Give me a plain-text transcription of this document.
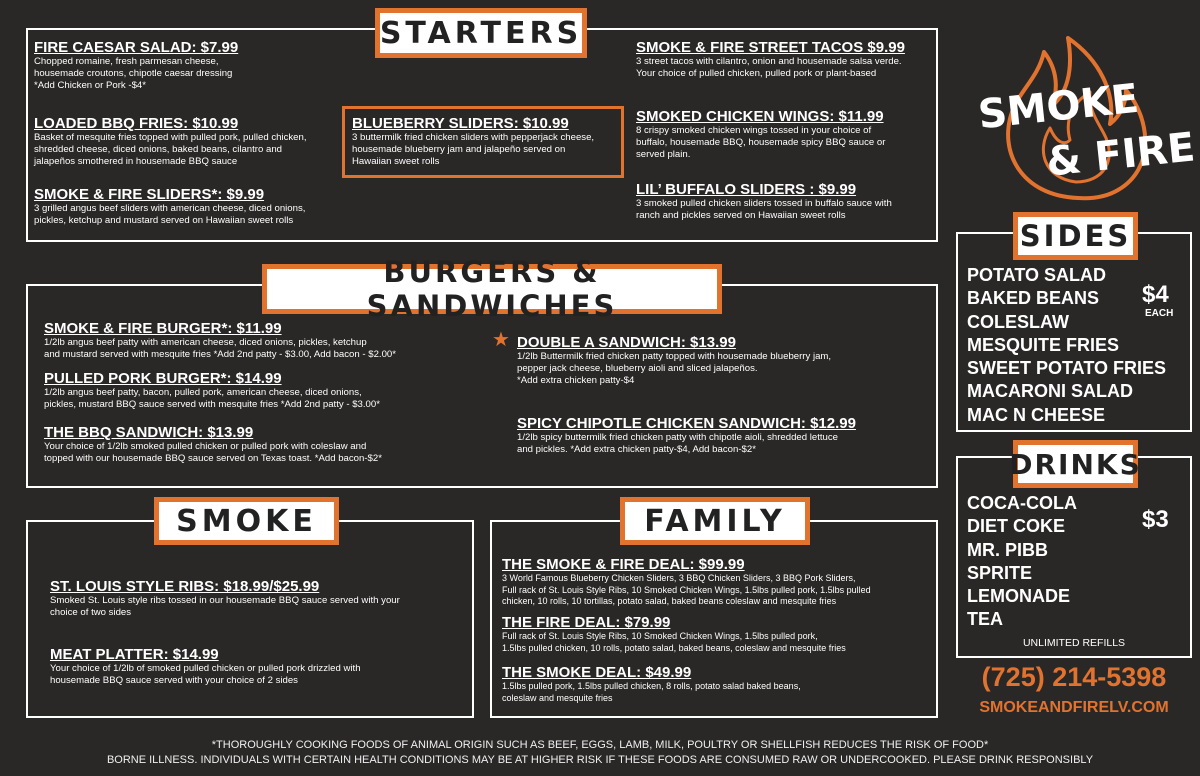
STARTERS
FIRE CAESAR SALAD: $7.99
Chopped romaine, fresh parmesan cheese,
housemade croutons, chipotle caesar dressing
*Add Chicken or Pork -$4*
LOADED BBQ FRIES: $10.99
Basket of mesquite fries topped with pulled pork, pulled chicken,
shredded cheese, diced onions, baked beans, cilantro and
jalapeños smothered in housemade BBQ sauce
SMOKE & FIRE SLIDERS*: $9.99
3 grilled angus beef sliders with american cheese, diced onions,
pickles, ketchup and mustard served on Hawaiian sweet rolls
BLUEBERRY SLIDERS: $10.99
3 buttermilk fried chicken sliders with pepperjack cheese,
housemade blueberry jam and jalapeño served on
Hawaiian sweet rolls
SMOKE & FIRE STREET TACOS $9.99
3 street tacos with cilantro, onion and housemade salsa verde.
Your choice of pulled chicken, pulled pork or plant-based
SMOKED CHICKEN WINGS: $11.99
8 crispy smoked chicken wings tossed in your choice of
buffalo, housemade BBQ, housemade spicy BBQ sauce or
served plain.
LIL’ BUFFALO SLIDERS : $9.99
3 smoked pulled chicken sliders tossed in buffalo sauce with
ranch and pickles served on Hawaiian sweet rolls
SMOKE
& FIRE
BURGERS & SANDWICHES
SMOKE & FIRE BURGER*: $11.99
1/2lb angus beef patty with american cheese, diced onions, pickles, ketchup
and mustard served with mesquite fries *Add 2nd patty - $3.00, Add bacon - $2.00*
PULLED PORK BURGER*: $14.99
1/2lb angus beef patty, bacon, pulled pork, american cheese, diced onions,
pickles, mustard BBQ sauce served with mesquite fries *Add 2nd patty - $3.00*
THE BBQ SANDWICH: $13.99
Your choice of 1/2lb smoked pulled chicken or pulled pork with coleslaw and
topped with our housemade BBQ sauce served on Texas toast. *Add bacon-$2*
★ DOUBLE A SANDWICH: $13.99
1/2lb Buttermilk fried chicken patty topped with housemade blueberry jam,
pepper jack cheese, blueberry aioli and sliced jalapeños.
*Add extra chicken patty-$4
SPICY CHIPOTLE CHICKEN SANDWICH: $12.99
1/2lb spicy buttermilk fried chicken patty with chipotle aioli, shredded lettuce
and pickles. *Add extra chicken patty-$4, Add bacon-$2*
SMOKE
ST. LOUIS STYLE RIBS: $18.99/$25.99
Smoked St. Louis style ribs tossed in our housemade BBQ sauce served with your
choice of two sides
MEAT PLATTER: $14.99
Your choice of 1/2lb of smoked pulled chicken or pulled pork drizzled with
housemade BBQ sauce served with your choice of 2 sides
FAMILY
THE SMOKE & FIRE DEAL: $99.99
3 World Famous Blueberry Chicken Sliders, 3 BBQ Chicken Sliders, 3 BBQ Pork Sliders,
Full rack of St. Louis Style Ribs, 10 Smoked Chicken Wings, 1.5lbs pulled pork, 1.5lbs pulled
chicken, 10 rolls, 10 tortillas, potato salad, baked beans coleslaw and mesquite fries
THE FIRE DEAL: $79.99
Full rack of St. Louis Style Ribs, 10 Smoked Chicken Wings, 1.5lbs pulled pork,
1.5lbs pulled chicken, 10 rolls, potato salad, baked beans, coleslaw and mesquite fries
THE SMOKE DEAL: $49.99
1.5lbs pulled pork, 1.5lbs pulled chicken, 8 rolls, potato salad baked beans,
coleslaw and mesquite fries
SIDES
POTATO SALAD
BAKED BEANS
COLESLAW
MESQUITE FRIES
SWEET POTATO FRIES
MACARONI SALAD
MAC N CHEESE
$4
EACH
DRINKS
COCA-COLA
DIET COKE
MR. PIBB
SPRITE
LEMONADE
TEA
$3
UNLIMITED REFILLS
(725) 214-5398
SMOKEANDFIRELV.COM
*THOROUGHLY COOKING FOODS OF ANIMAL ORIGIN SUCH AS BEEF, EGGS, LAMB, MILK, POULTRY OR SHELLFISH REDUCES THE RISK OF FOOD*
BORNE ILLNESS. INDIVIDUALS WITH CERTAIN HEALTH CONDITIONS MAY BE AT HIGHER RISK IF THESE FOODS ARE CONSUMED RAW OR UNDERCOOKED. PLEASE DRINK RESPONSIBLY
